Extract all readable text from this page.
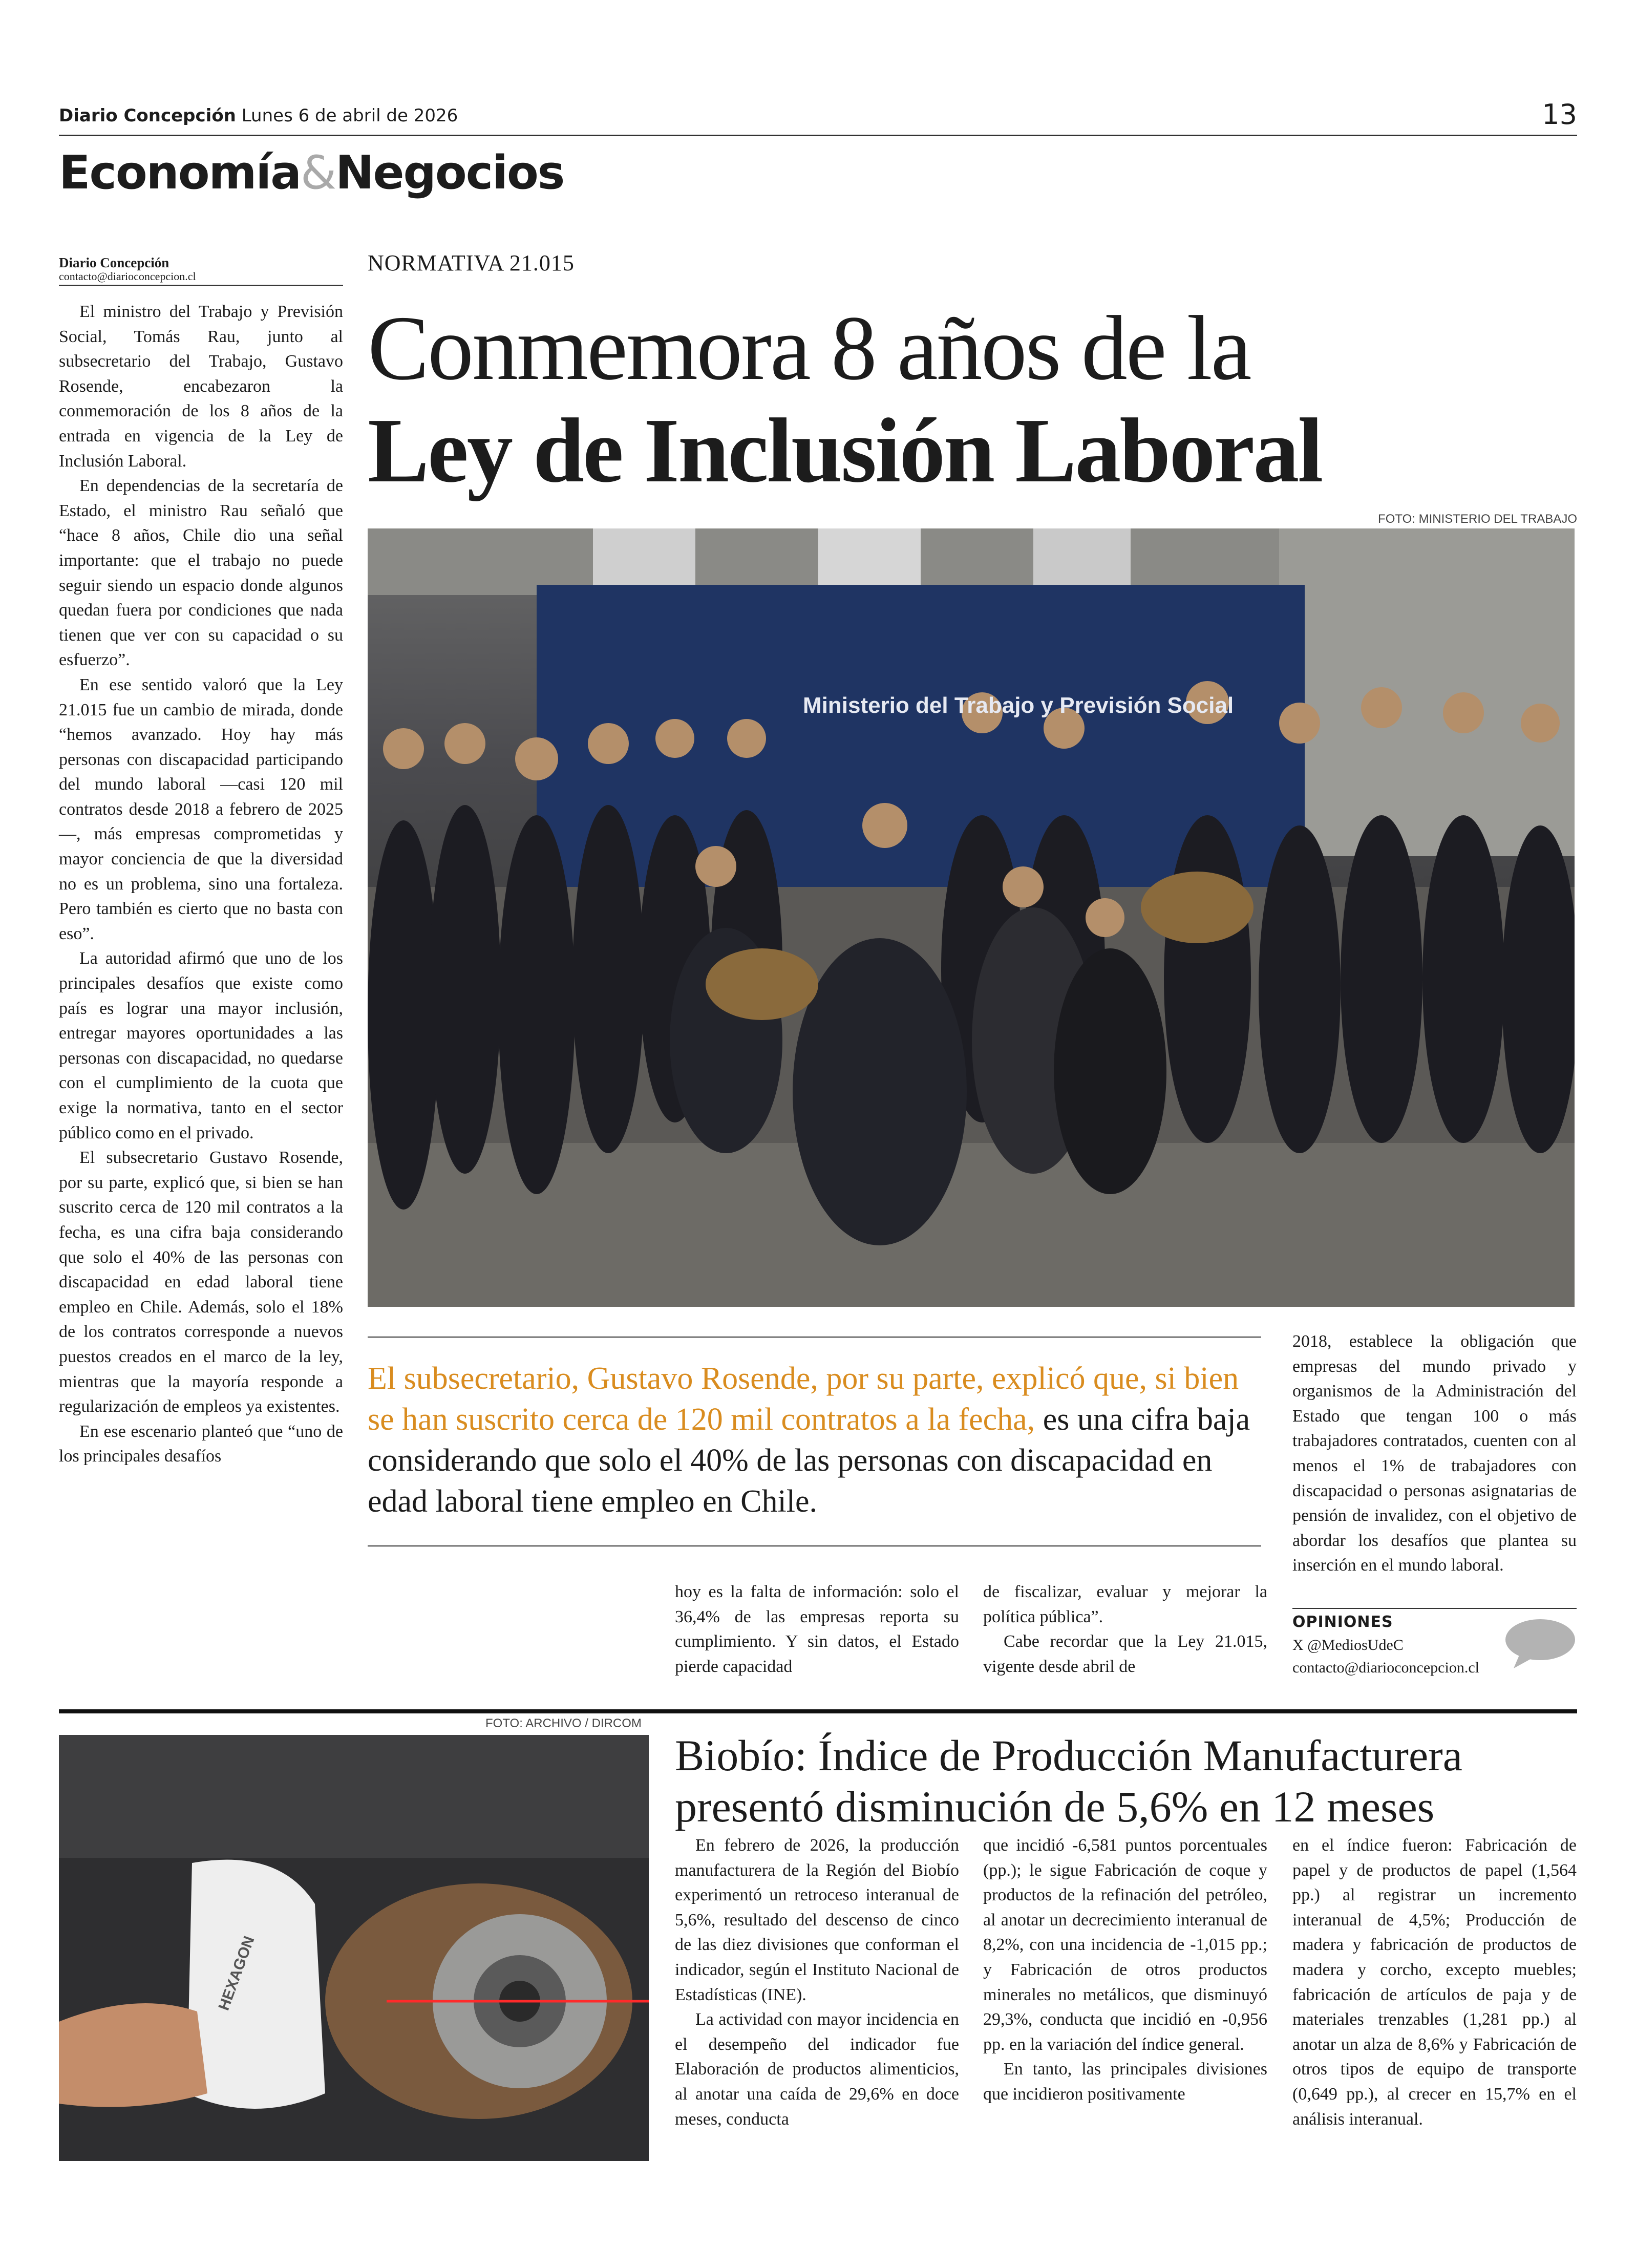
Diario Concepción Lunes 6 de abril de 2026	13
Economía&Negocios
Diario Concepción
contacto@diarioconcepcion.cl

El ministro del Trabajo y Previsión Social, Tomás Rau, junto al subsecretario del Trabajo, Gustavo Rosende, encabezaron la conmemoración de los 8 años de la entrada en vigencia de la Ley de Inclusión Laboral.

En dependencias de la secretaría de Estado, el ministro Rau señaló que “hace 8 años, Chile dio una señal importante: que el trabajo no puede seguir siendo un espacio donde algunos quedan fuera por condiciones que nada tienen que ver con su capacidad o su esfuerzo”.

En ese sentido valoró que la Ley 21.015 fue un cambio de mirada, donde “hemos avanzado. Hoy hay más personas con discapacidad participando del mundo laboral —casi 120 mil contratos desde 2018 a febrero de 2025—, más empresas comprometidas y mayor conciencia de que la diversidad no es un problema, sino una fortaleza. Pero también es cierto que no basta con eso”.

La autoridad afirmó que uno de los principales desafíos que existe como país es lograr una mayor inclusión, entregar mayores oportunidades a las personas con discapacidad, no quedarse con el cumplimiento de la cuota que exige la normativa, tanto en el sector público como en el privado.

El subsecretario Gustavo Rosende, por su parte, explicó que, si bien se han suscrito cerca de 120 mil contratos a la fecha, es una cifra baja considerando que solo el 40% de las personas con discapacidad en edad laboral tiene empleo en Chile. Además, solo el 18% de los contratos corresponde a nuevos puestos creados en el marco de la ley, mientras que la mayoría responde a regularización de empleos ya existentes.

En ese escenario planteó que “uno de los principales desafíos

NORMATIVA 21.015
Conmemora 8 años de la
Ley de Inclusión Laboral
FOTO: MINISTERIO DEL TRABAJO
Ministerio del Trabajo y Previsión Social
El subsecretario, Gustavo Rosende, por su parte, explicó que, si bien se han suscrito cerca de 120 mil contratos a la fecha, es una cifra baja considerando que solo el 40% de las personas con discapacidad en edad laboral tiene empleo en Chile.

hoy es la falta de información: solo el 36,4% de las empresas reporta su cumplimiento. Y sin datos, el Estado pierde capacidad

de fiscalizar, evaluar y mejorar la política pública”.

Cabe recordar que la Ley 21.015, vigente desde abril de

2018, establece la obligación que empresas del mundo privado y organismos de la Administración del Estado que tengan 100 o más trabajadores contratados, cuenten con al menos el 1% de trabajadores con discapacidad o personas asignatarias de pensión de invalidez, con el objetivo de abordar los desafíos que plantea su inserción en el mundo laboral.

OPINIONES
X @MediosUdeC
contacto@diarioconcepcion.cl
FOTO: ARCHIVO / DIRCOM
HEXAGON
Biobío: Índice de Producción Manufacturera presentó disminución de 5,6% en 12 meses

En febrero de 2026, la producción manufacturera de la Región del Biobío experimentó un retroceso interanual de 5,6%, resultado del descenso de cinco de las diez divisiones que conforman el indicador, según el Instituto Nacional de Estadísticas (INE).

La actividad con mayor incidencia en el desempeño del indicador fue Elaboración de productos alimenticios, al anotar una caída de 29,6% en doce meses, conducta

que incidió -6,581 puntos porcentuales (pp.); le sigue Fabricación de coque y productos de la refinación del petróleo, al anotar un decrecimiento interanual de 8,2%, con una incidencia de -1,015 pp.; y Fabricación de otros productos minerales no metálicos, que disminuyó 29,3%, conducta que incidió en -0,956 pp. en la variación del índice general.

En tanto, las principales divisiones que incidieron positivamente

en el índice fueron: Fabricación de papel y de productos de papel (1,564 pp.) al registrar un incremento interanual de 4,5%; Producción de madera y fabricación de productos de madera y corcho, excepto muebles; fabricación de artículos de paja y de materiales trenzables (1,281 pp.) al anotar un alza de 8,6% y Fabricación de otros tipos de equipo de transporte (0,649 pp.), al crecer en 15,7% en el análisis interanual.
